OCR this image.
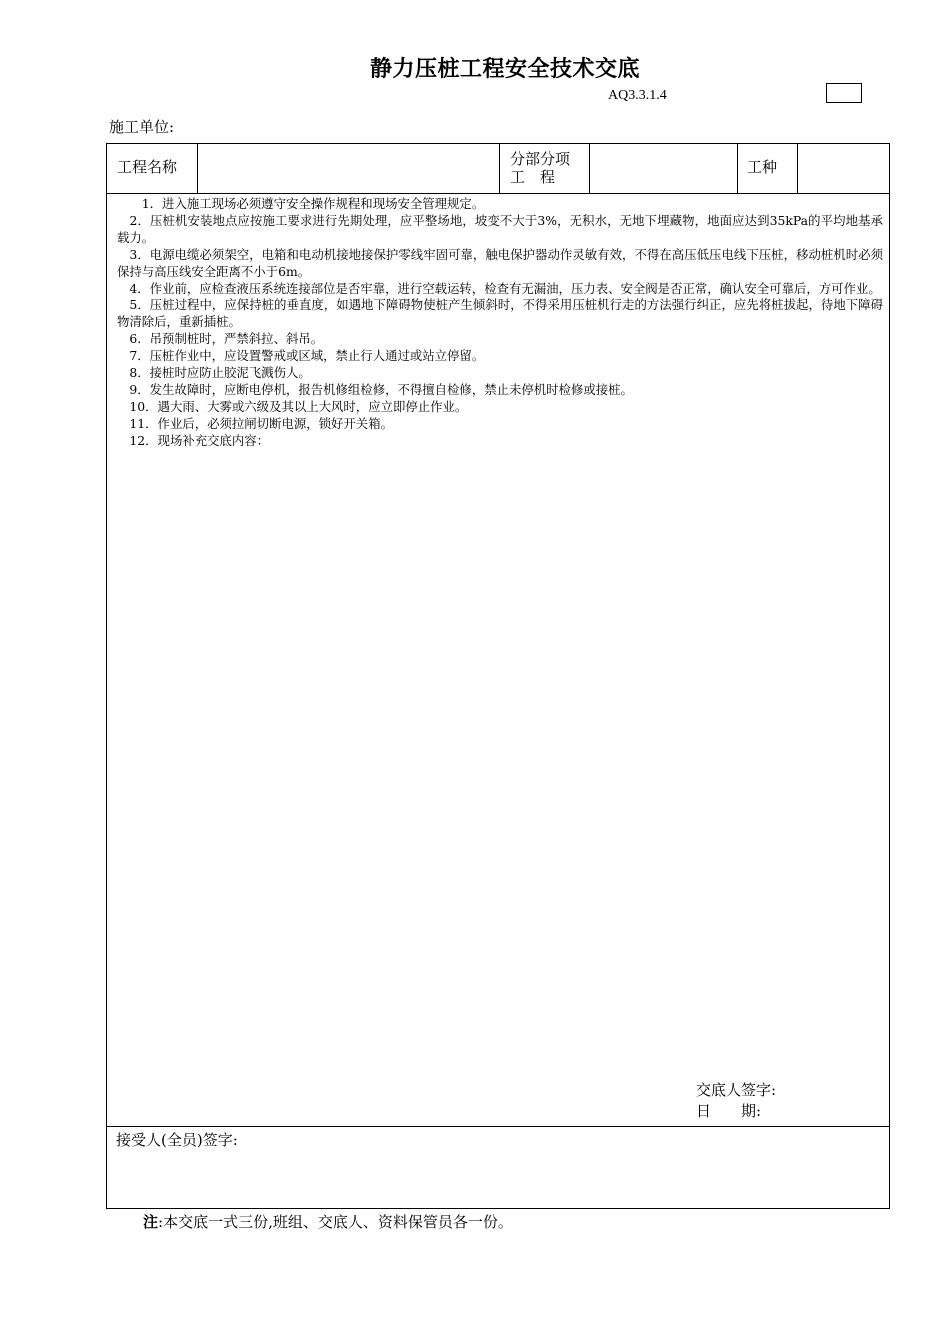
静力压桩工程安全技术交底
AQ3.3.1.4
施工单位:
工程名称	分部分项
工　程
工种

　　1．进入施工现场必须遵守安全操作规程和现场安全管理规定。

　2．压桩机安装地点应按施工要求进行先期处理，应平整场地，坡变不大于3%，无积水，无地下埋藏物，地面应达到35kPa的平均地基承载力。

　3．电源电缆必须架空，电箱和电动机接地接保护零线牢固可靠，触电保护器动作灵敏有效，不得在高压低压电线下压桩，移动桩机时必须保持与高压线安全距离不小于6m。

　4．作业前，应检查液压系统连接部位是否牢靠，进行空载运转，检查有无漏油，压力表、安全阀是否正常，确认安全可靠后，方可作业。

　5．压桩过程中，应保持桩的垂直度，如遇地下障碍物使桩产生倾斜时，不得采用压桩机行走的方法强行纠正，应先将桩拔起，待地下障碍物清除后，重新插桩。

　6．吊预制桩时，严禁斜拉、斜吊。

　7．压桩作业中，应设置警戒或区域，禁止行人通过或站立停留。

　8．接桩时应防止胶泥飞溅伤人。

　9．发生故障时，应断电停机，报告机修组检修，不得擅自检修，禁止未停机时检修或接桩。

　10．遇大雨、大雾或六级及其以上大风时，应立即停止作业。

　11．作业后，必须拉闸切断电源，锁好开关箱。

　12．现场补充交底内容：

交底人签字:
日　　期:
接受人(全员)签字:
注:本交底一式三份,班组、交底人、资料保管员各一份。
